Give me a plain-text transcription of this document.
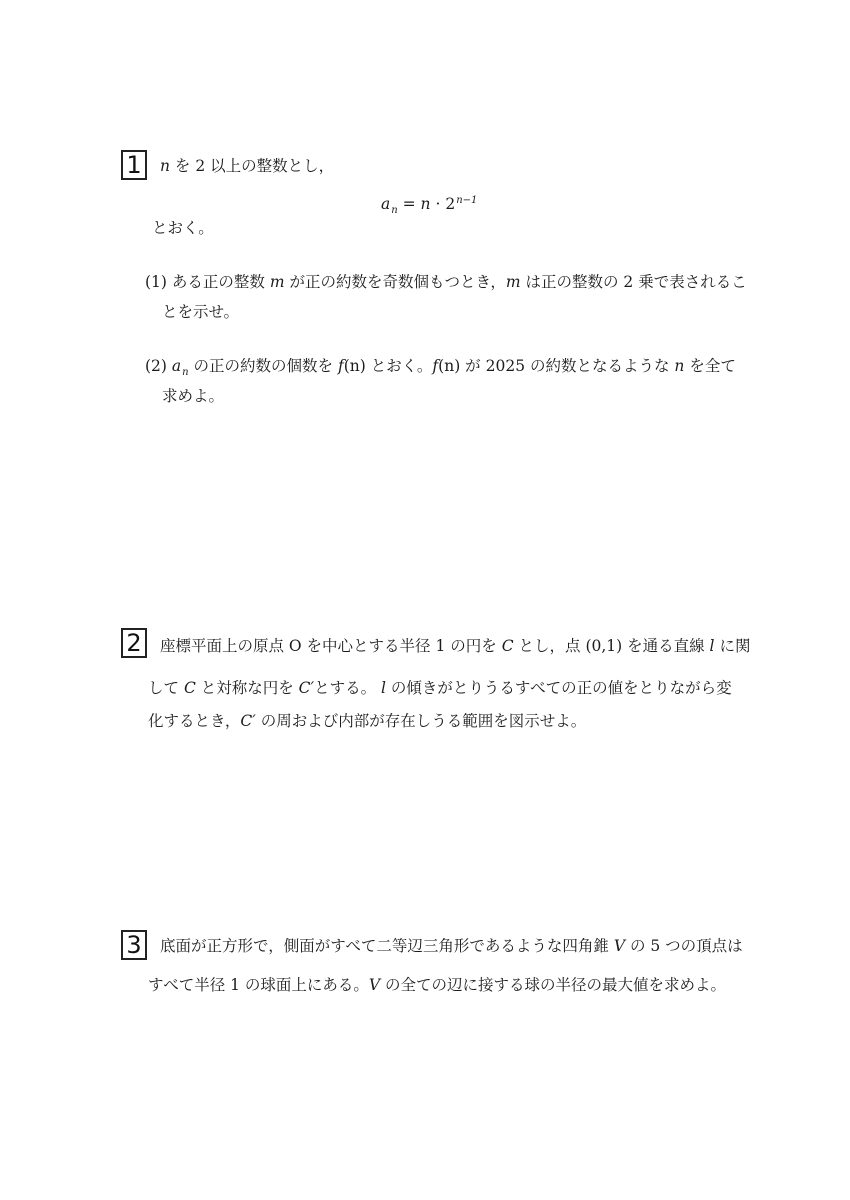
1 n を 2 以上の整数とし，
$a_n = n \cdot 2^{n-1}$
とおく。
(1) ある正の整数 m が正の約数を奇数個もつとき，m は正の整数の 2 乗で表されるこ
とを示せ。
(2) $a_n$ の正の約数の個数を f(n) とおく。f(n) が 2025 の約数となるような n を全て
求めよ。
2 座標平面上の原点 O を中心とする半径 1 の円を C とし，点 (0,1) を通る直線 l に関
して C と対称な円を C′とする。 l の傾きがとりうるすべての正の値をとりながら変
化するとき，C′ の周および内部が存在しうる範囲を図示せよ。
3 底面が正方形で，側面がすべて二等辺三角形であるような四角錐 V の 5 つの頂点は
すべて半径 1 の球面上にある。V の全ての辺に接する球の半径の最大値を求めよ。
